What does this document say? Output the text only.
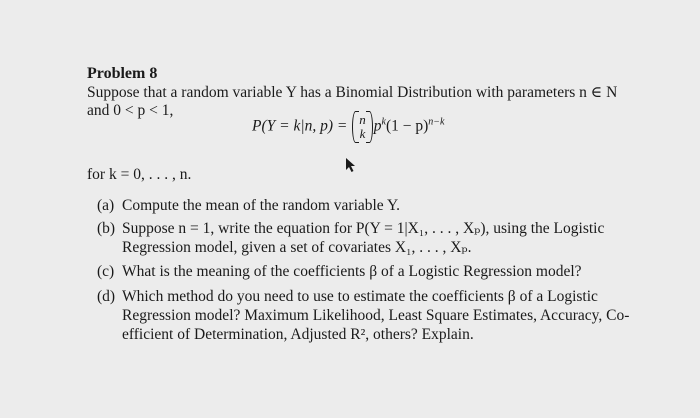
Problem 8
Suppose that a random variable Y has a Binomial Distribution with parameters n ∈ N
and 0 < p < 1,
P(Y = k|n, p) = n
k $p^k(1 - p)^{n-k}$
for k = 0, . . . , n.
(a) Compute the mean of the random variable Y.
(b) Suppose n = 1, write the equation for P(Y = 1|X₁, . . . , Xₚ), using the Logistic
Regression model, given a set of covariates X₁, . . . , Xₚ.
(c) What is the meaning of the coefficients β of a Logistic Regression model?
(d) Which method do you need to use to estimate the coefficients β of a Logistic
Regression model? Maximum Likelihood, Least Square Estimates, Accuracy, Co-
efficient of Determination, Adjusted R², others? Explain.
